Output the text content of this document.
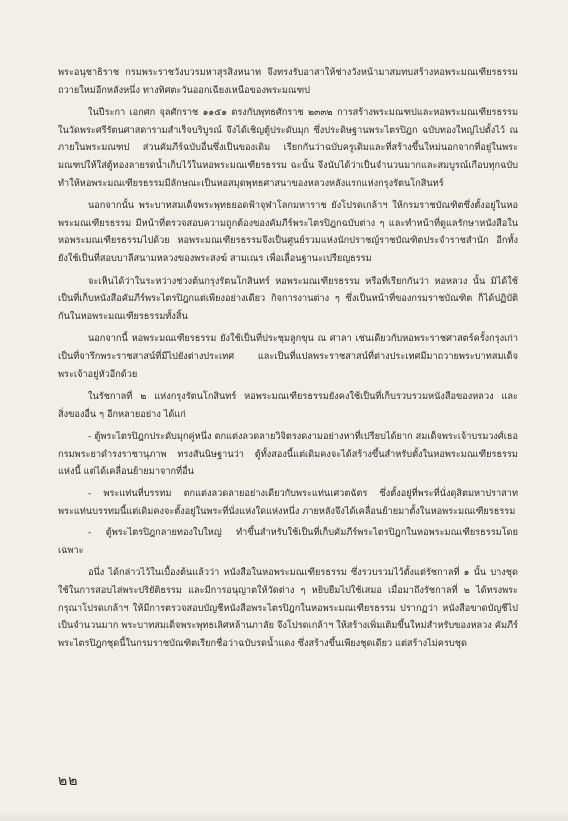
พระอนุชาธิราช กรมพระราชวังบวรมหาสุรสิงหนาท จึงทรงรับอาสาให้ช่างวังหน้ามาสมทบสร้างหอพระมณเฑียรธรรมถวายใหม่อีกหลังหนึ่ง ทางทิศตะวันออกเฉียงเหนือของพระมณฑป

ในปีระกา เอกศก จุลศักราช ๑๑๕๑ ตรงกับพุทธศักราช ๒๓๓๒ การสร้างพระมณฑปและหอพระมณเฑียรธรรม ในวัดพระศรีรัตนศาสดารามสำเร็จบริบูรณ์ จึงได้เชิญตู้ประดับมุก ซึ่งประดิษฐานพระไตรปิฎก ฉบับทองใหญ่ไปตั้งไว้ ณ ภายในพระมณฑป ส่วนคัมภีร์ฉบับอื่นซึ่งเป็นของเดิม เรียกกันว่าฉบับครูเดิมและที่สร้างขึ้นใหม่นอกจากที่อยู่ในพระมณฑปให้ใส่ตู้ทองลายรดน้ำเก็บไว้ในหอพระมณเฑียรธรรม ฉะนั้น จึงนับได้ว่าเป็นจำนวนมากและสมบูรณ์เกือบทุกฉบับ ทำให้หอพระมณเฑียรธรรมมีลักษณะเป็นหอสมุดพุทธศาสนาของหลวงหลังแรกแห่งกรุงรัตนโกสินทร์

นอกจากนั้น พระบาทสมเด็จพระพุทธยอดฟ้าจุฬาโลกมหาราช ยังโปรดเกล้าฯ ให้กรมราชบัณฑิตซึ่งตั้งอยู่ในหอพระมณเฑียรธรรม มีหน้าที่ตรวจสอบความถูกต้องของคัมภีร์พระไตรปิฎกฉบับต่าง ๆ และทำหน้าที่ดูแลรักษาหนังสือในหอพระมณเฑียรธรรมไปด้วย หอพระมณเฑียรธรรมจึงเป็นศูนย์รวมแห่งนักปราชญ์ราชบัณฑิตประจำราชสำนัก อีกทั้งยังใช้เป็นที่สอบบาลีสนามหลวงของพระสงฆ์ สามเณร เพื่อเลื่อนฐานะเปรียญธรรม

จะเห็นได้ว่าในระหว่างช่วงต้นกรุงรัตนโกสินทร์ หอพระมณเฑียรธรรม หรือที่เรียกกันว่า หอหลวง นั้น มิได้ใช้เป็นที่เก็บหนังสือคัมภีร์พระไตรปิฎกแต่เพียงอย่างเดียว กิจการงานต่าง ๆ ซึ่งเป็นหน้าที่ของกรมราชบัณฑิต ก็ได้ปฏิบัติกันในหอพระมณเฑียรธรรมทั้งสิ้น

นอกจากนี้ หอพระมณเฑียรธรรม ยังใช้เป็นที่ประชุมลูกขุน ณ ศาลา เช่นเดียวกับหอพระราชศาสตร์ครั้งกรุงเก่า เป็นที่จารึกพระราชสาสน์ที่มีไปยังต่างประเทศ และเป็นที่แปลพระราชสาสน์ที่ต่างประเทศมีมาถวายพระบาทสมเด็จพระเจ้าอยู่หัวอีกด้วย

ในรัชกาลที่ ๒ แห่งกรุงรัตนโกสินทร์ หอพระมณเฑียรธรรมยังคงใช้เป็นที่เก็บรวบรวมหนังสือของหลวง และสิ่งของอื่น ๆ อีกหลายอย่าง ได้แก่

- ตู้พระไตรปิฎกประดับมุกคู่หนึ่ง ตกแต่งลวดลายวิจิตรงดงามอย่างหาที่เปรียบได้ยาก สมเด็จพระเจ้าบรมวงศ์เธอ กรมพระยาดำรงราชานุภาพ ทรงสันนิษฐานว่า ตู้ทั้งสองนี้แต่เดิมคงจะได้สร้างขึ้นสำหรับตั้งในหอพระมณเฑียรธรรมแห่งนี้ แต่ได้เคลื่อนย้ายมาจากที่อื่น
- พระแท่นที่บรรทม ตกแต่งลวดลายอย่างเดียวกับพระแท่นเศวตฉัตร ซึ่งตั้งอยู่ที่พระที่นั่งดุสิตมหาปราสาท พระแท่นบรรทมนี้แต่เดิมคงจะตั้งอยู่ในพระที่นั่งแห่งใดแห่งหนึ่ง ภายหลังจึงได้เคลื่อนย้ายมาตั้งในหอพระมณเฑียรธรรม
- ตู้พระไตรปิฎกลายทองใบใหญ่ ทำขึ้นสำหรับใช้เป็นที่เก็บคัมภีร์พระไตรปิฎกในหอพระมณเฑียรธรรมโดยเฉพาะ

อนึ่ง ได้กล่าวไว้ในเบื้องต้นแล้วว่า หนังสือในหอพระมณเฑียรธรรม ซึ่งรวบรวมไว้ตั้งแต่รัชกาลที่ ๑ นั้น บางชุดใช้ในการสอบไล่พระปริยัติธรรม และมีการอนุญาตให้วัดต่าง ๆ หยิบยืมไปใช้เสมอ เมื่อมาถึงรัชกาลที่ ๒ ได้ทรงพระกรุณาโปรดเกล้าฯ ให้มีการตรวจสอบบัญชีหนังสือพระไตรปิฎกในหอพระมณเฑียรธรรม ปรากฏว่า หนังสือขาดบัญชีไปเป็นจำนวนมาก พระบาทสมเด็จพระพุทธเลิศหล้านภาลัย จึงโปรดเกล้าฯ ให้สร้างเพิ่มเติมขึ้นใหม่สำหรับของหลวง คัมภีร์พระไตรปิฎกชุดนี้ในกรมราชบัณฑิตเรียกชื่อว่าฉบับรดน้ำแดง ซึ่งสร้างขึ้นเพียงชุดเดียว แต่สร้างไม่ครบชุด

๒๒
